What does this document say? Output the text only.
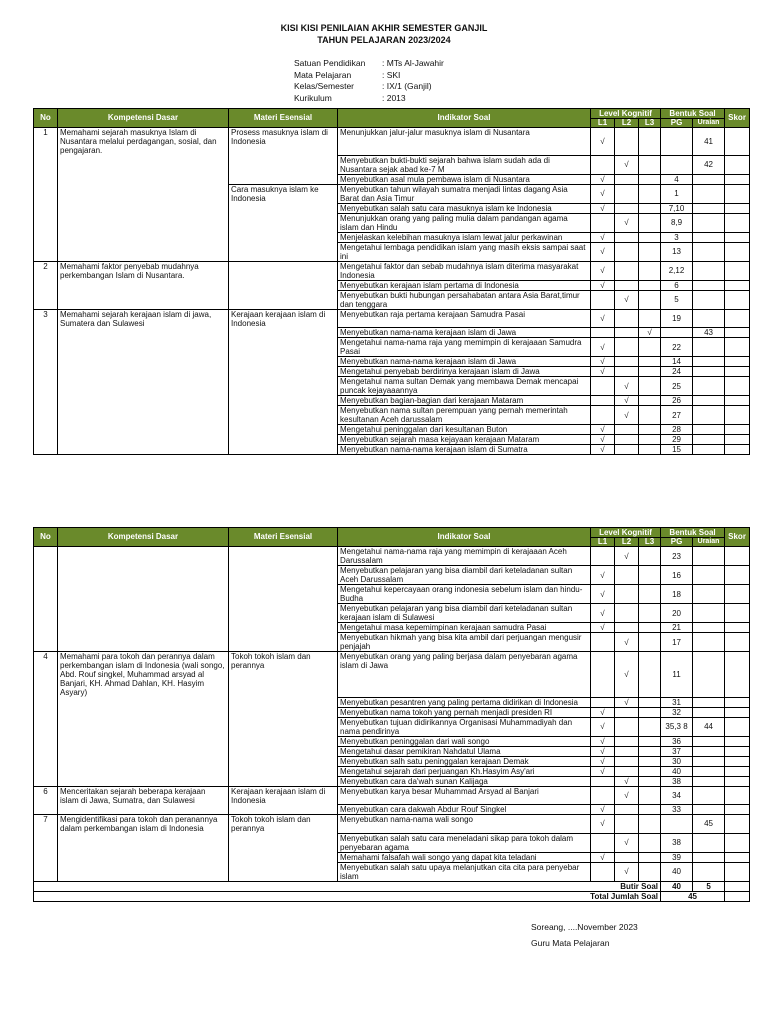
KISI KISI PENILAIAN AKHIR SEMESTER GANJIL
TAHUN PELAJARAN 2023/2024
Satuan Pendidikan	: MTs Al-Jawahir
Mata Pelajaran	: SKI
Kelas/Semester	: IX/1 (Ganjil)
Kurikulum	: 2013
No	Kompetensi Dasar	Materi Esensial	Indikator Soal	Level Kognitif			Bentuk Soal		Skor
				L1	L2	L3	PG	Uraian	
1	Memahami sejarah masuknya Islam di Nusantara melalui perdagangan, sosial, dan pengajaran.	Prosess masuknya islam di Indonesia	Menunjukkan jalur-jalur masuknya islam di Nusantara	√				41	
			Menyebutkan bukti-bukti sejarah bahwa islam sudah ada di Nusantara sejak abad ke-7 M		√			42	
			Menyebutkan asal mula pembawa islam di Nusantara	√			4		
		Cara masuknya islam ke Indonesia	Menyebutkan tahun wilayah sumatra menjadi lintas dagang Asia Barat dan Asia Timur	√			1		
			Menyebutkan salah satu cara masuknya islam ke Indonesia	√			7,10		
			Menunjukkan orang yang paling mulia dalam pandangan agama islam dan Hindu		√		8,9		
			Menjelaskan kelebihan masuknya islam lewat jalur perkawinan	√			3		
			Mengetahui lembaga pendidikan islam yang masih eksis sampai saat ini	√			13		
2	Memahami faktor penyebab mudahnya perkembangan Islam di Nusantara.		Mengetahui faktor dan sebab mudahnya islam diterima masyarakat Indonesia	√			2,12		
			Menyebutkan kerajaan islam pertama di Indonesia	√			6		
			Menyebutkan bukti hubungan persahabatan antara Asia Barat,timur dan tenggara		√		5		
3	Memahami sejarah kerajaan islam di jawa, Sumatera dan Sulawesi	Kerajaan kerajaan islam di Indonesia	Menyebutkan raja pertama kerajaan Samudra Pasai	√			19		
			Menyebutkan nama-nama kerajaan islam di Jawa			√		43	
			Mengetahui nama-nama raja yang memimpin di kerajaaan Samudra Pasai	√			22		
			Menyebutkan nama-nama kerajaan islam di Jawa	√			14		
			Mengetahui penyebab berdirinya kerajaan islam di Jawa	√			24		
			Mengetahui nama sultan Demak yang membawa Demak mencapai puncak kejayaaannya		√		25		
			Menyebutkan bagian-bagian dari kerajaan Mataram		√		26		
			Menyebutkan nama sultan perempuan yang pernah memerintah kesultanan Aceh darussalam		√		27		
			Mengetahui peninggalan dari kesultanan Buton	√			28		
			Menyebutkan sejarah masa kejayaan kerajaan Mataram	√			29		
			Menyebutkan nama-nama kerajaan islam di Sumatra	√			15		
No	Kompetensi Dasar	Materi Esensial	Indikator Soal	Level Kognitif			Bentuk Soal		Skor
				L1	L2	L3	PG	Uraian	
			Mengetahui nama-nama raja yang memimpin di kerajaaan Aceh Darussalam		√		23		
			Menyebutkan pelajaran yang bisa diambil dari keteladanan sultan Aceh Darussalam	√			16		
			Mengetahui kepercayaan orang indonesia sebelum islam dan hindu-Budha	√			18		
			Menyebutkan pelajaran yang bisa diambil dari keteladanan sultan kerajaan islam di Sulawesi	√			20		
			Mengetahui masa kepemimpinan kerajaan samudra Pasai	√			21		
			Menyebutkan hikmah yang bisa kita ambil dari perjuangan mengusir penjajah		√		17		
4	Memahami para tokoh dan perannya dalam perkembangan islam di Indonesia (wali songo, Abd. Rouf singkel, Muhammad arsyad al Banjari, KH. Ahmad Dahlan, KH. Hasyim Asyary)	Tokoh tokoh islam dan perannya	Menyebutkan orang yang paling berjasa dalam penyebaran agama islam di Jawa		√		11		
			Menyebutkan pesantren yang paling pertama didirikan di Indonesia		√		31		
			Menyebutkan nama tokoh yang pernah menjadi presiden RI	√			32		
			Menyebutkan tujuan didirikannya Organisasi Muhammadiyah dan nama pendirinya	√			35,3 8	44	
			Menyebutkan peninggalan dari wali songo	√			36		
			Mengetahui dasar pemikiran Nahdatul Ulama	√			37		
			Menyebutkan salh satu peninggalan kerajaan Demak	√			30		
			Mengetahui sejarah dari perjuangan Kh.Hasyim Asy'ari	√			40		
			Menyebutkan cara da'wah sunan Kalijaga		√		38		
6	Menceritakan sejarah beberapa kerajaan islam di Jawa, Sumatra, dan Sulawesi	Kerajaan kerajaan islam di Indonesia	Menyebutkan karya besar Muhammad Arsyad al Banjari		√		34		
			Menyebutkan cara dakwah Abdur Rouf Singkel	√			33		
7	Mengidentifikasi para tokoh dan peranannya dalam perkembangan islam di Indonesia	Tokoh tokoh islam dan perannya	Menyebutkan nama-nama wali songo	√				45	
			Menyebutkan salah satu cara meneladani sikap para tokoh dalam penyebaran agama		√		38		
			Memahami falsafah wali songo yang dapat kita teladani	√			39		
			Menyebutkan salah satu upaya melanjutkan cita cita para penyebar islam		√		40		
Butir Soal							40	5	
Total Jumlah Soal							45		
Soreang, ....November 2023
Guru Mata Pelajaran
